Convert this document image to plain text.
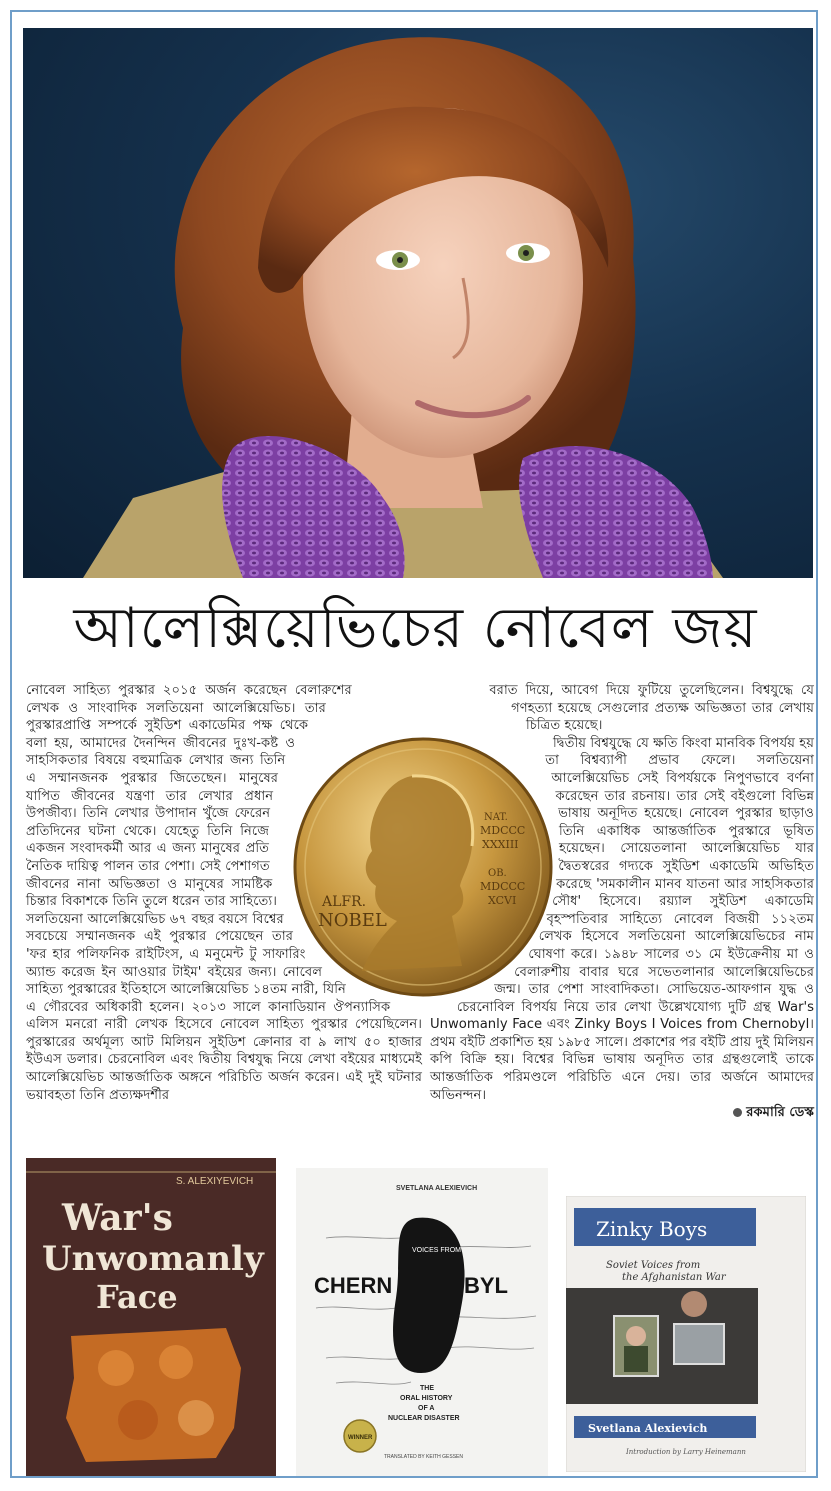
আলেক্সিয়েভিচের নোবেল জয়
ALFR.
NOBEL
NAT.
MDCCC
XXXIII
OB.
MDCCC
XCVI

নোবেল সাহিত্য পুরস্কার ২০১৫ অর্জন করেছেন বেলারুশের লেখক ও সাংবাদিক সলতিয়েনা আলেক্সিয়েভিচ। তার পুরস্কারপ্রাপ্তি সম্পর্কে সুইডিশ একাডেমির পক্ষ থেকে বলা হয়, আমাদের দৈনন্দিন জীবনের দুঃখ-কষ্ট ও সাহসিকতার বিষয়ে বহুমাত্রিক লেখার জন্য তিনি এ সম্মানজনক পুরস্কার জিতেছেন। মানুষের যাপিত জীবনের যন্ত্রণা তার লেখার প্রধান উপজীব্য। তিনি লেখার উপাদান খুঁজে ফেরেন প্রতিদিনের ঘটনা থেকে। যেহেতু তিনি নিজে একজন সংবাদকর্মী আর এ জন্য মানুষের প্রতি নৈতিক দায়িত্ব পালন তার পেশা। সেই পেশাগত জীবনের নানা অভিজ্ঞতা ও মানুষের সামষ্টিক চিন্তার বিকাশকে তিনি তুলে ধরেন তার সাহিত্যে। সলতিয়েনা আলেক্সিয়েভিচ ৬৭ বছর বয়সে বিশ্বের সবচেয়ে সম্মানজনক এই পুরস্কার পেয়েছেন তার 'ফর হার পলিফনিক রাইটিংস, এ মনুমেন্ট টু সাফারিং অ্যান্ড করেজ ইন আওয়ার টাইম' বইয়ের জন্য। নোবেল সাহিত্য পুরস্কারের ইতিহাসে আলেক্সিয়েভিচ ১৪তম নারী, যিনি এ গৌরবের অধিকারী হলেন। ২০১৩ সালে কানাডিয়ান ঔপন্যাসিক এলিস মনরো নারী লেখক হিসেবে নোবেল সাহিত্য পুরস্কার পেয়েছিলেন। পুরস্কারের অর্থমূল্য আট মিলিয়ন সুইডিশ ক্রোনার বা ৯ লাখ ৫০ হাজার ইউএস ডলার। চেরনোবিল এবং দ্বিতীয় বিশ্বযুদ্ধ নিয়ে লেখা বইয়ের মাধ্যমেই আলেক্সিয়েভিচ আন্তর্জাতিক অঙ্গনে পরিচিতি অর্জন করেন। এই দুই ঘটনার ভয়াবহতা তিনি প্রত্যক্ষদর্শীর

বরাত দিয়ে, আবেগ দিয়ে ফুটিয়ে তুলেছিলেন। বিশ্বযুদ্ধে যে গণহত্যা হয়েছে সেগুলোর প্রত্যক্ষ অভিজ্ঞতা তার লেখায় চিত্রিত হয়েছে।

দ্বিতীয় বিশ্বযুদ্ধে যে ক্ষতি কিংবা মানবিক বিপর্যয় হয় তা বিশ্বব্যাপী প্রভাব ফেলে। সলতিয়েনা আলেক্সিয়েভিচ সেই বিপর্যয়কে নিপুণভাবে বর্ণনা করেছেন তার রচনায়। তার সেই বইগুলো বিভিন্ন ভাষায় অনূদিত হয়েছে। নোবেল পুরস্কার ছাড়াও তিনি একাধিক আন্তর্জাতিক পুরস্কারে ভূষিত হয়েছেন। সোয়েতলানা আলেক্সিয়েভিচ যার দ্বৈতস্বরের গদ্যকে সুইডিশ একাডেমি অভিহিত করেছে 'সমকালীন মানব যাতনা আর সাহসিকতার সৌধ' হিসেবে। রয়্যাল সুইডিশ একাডেমি বৃহস্পতিবার সাহিত্যে নোবেল বিজয়ী ১১২তম লেখক হিসেবে সলতিয়েনা আলেক্সিয়েভিচের নাম ঘোষণা করে। ১৯৪৮ সালের ৩১ মে ইউক্রেনীয় মা ও বেলারুশীয় বাবার ঘরে সভেতলানার আলেক্সিয়েভিচের জন্ম। তার পেশা সাংবাদিকতা। সোভিয়েত-আফগান যুদ্ধ ও চেরনোবিল বিপর্যয় নিয়ে তার লেখা উল্লেখযোগ্য দুটি গ্রন্থ War's Unwomanly Face এবং Zinky Boys I Voices from Chernobyl। প্রথম বইটি প্রকাশিত হয় ১৯৮৫ সালে। প্রকাশের পর বইটি প্রায় দুই মিলিয়ন কপি বিক্রি হয়। বিশ্বের বিভিন্ন ভাষায় অনূদিত তার গ্রন্থগুলোই তাকে আন্তর্জাতিক পরিমণ্ডলে পরিচিতি এনে দেয়। তার অর্জনে আমাদের অভিনন্দন।

রকমারি ডেস্ক

S. ALEXIYEVICH
War's
Unwomanly
Face
SVETLANA ALEXIEVICH
VOICES FROM
CHERN	BYL
THE
ORAL HISTORY
OF A
NUCLEAR DISASTER
TRANSLATED BY KEITH GESSEN
WINNER
Zinky Boys
Soviet Voices from
the Afghanistan War
Svetlana Alexievich
Introduction by Larry Heinemann
